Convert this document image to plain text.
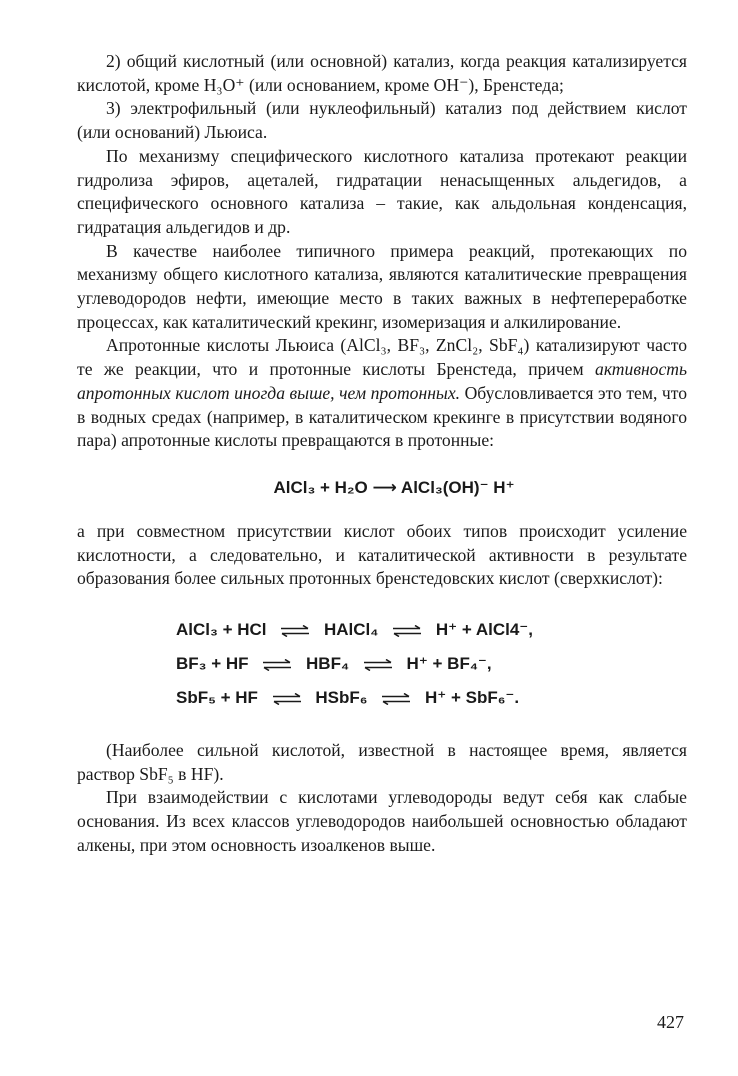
2) общий кислотный (или основной) катализ, когда реакция катализируется кислотой, кроме H₃O⁺ (или основанием, кроме OH⁻), Бренстеда;

3) электрофильный (или нуклеофильный) катализ под действием кислот (или оснований) Льюиса.

По механизму специфического кислотного катализа протекают реакции гидролиза эфиров, ацеталей, гидратации ненасыщенных альдегидов, а специфического основного катализа – такие, как альдольная конденсация, гидратация альдегидов и др.

В качестве наиболее типичного примера реакций, протекающих по механизму общего кислотного катализа, являются каталитические превращения углеводородов нефти, имеющие место в таких важных в нефтепереработке процессах, как каталитический крекинг, изомеризация и алкилирование.

Апротонные кислоты Льюиса (AlCl₃, BF₃, ZnCl₂, SbF₄) катализируют часто те же реакции, что и протонные кислоты Бренстеда, причем активность апротонных кислот иногда выше, чем протонных. Обусловливается это тем, что в водных средах (например, в каталитическом крекинге в присутствии водяного пара) апротонные кислоты превращаются в протонные:

AlCl₃ + H₂O ⟶ AlCl₃(OH)⁻ H⁺

а при совместном присутствии кислот обоих типов происходит усиление кислотности, а следовательно, и каталитической активности в результате образования более сильных протонных бренстедовских кислот (сверхкислот):

AlCl₃ + HCl ⇌ HAlCl₄ ⇌ H⁺ + AlCl4⁻,
BF₃ + HF ⇌ HBF₄ ⇌ H⁺ + BF₄⁻,
SbF₅ + HF ⇌ HSbF₆ ⇌ H⁺ + SbF₆⁻.

(Наиболее сильной кислотой, известной в настоящее время, является раствор SbF₅ в HF).

При взаимодействии с кислотами углеводороды ведут себя как слабые основания. Из всех классов углеводородов наибольшей основностью обладают алкены, при этом основность изоалкенов выше.

427
